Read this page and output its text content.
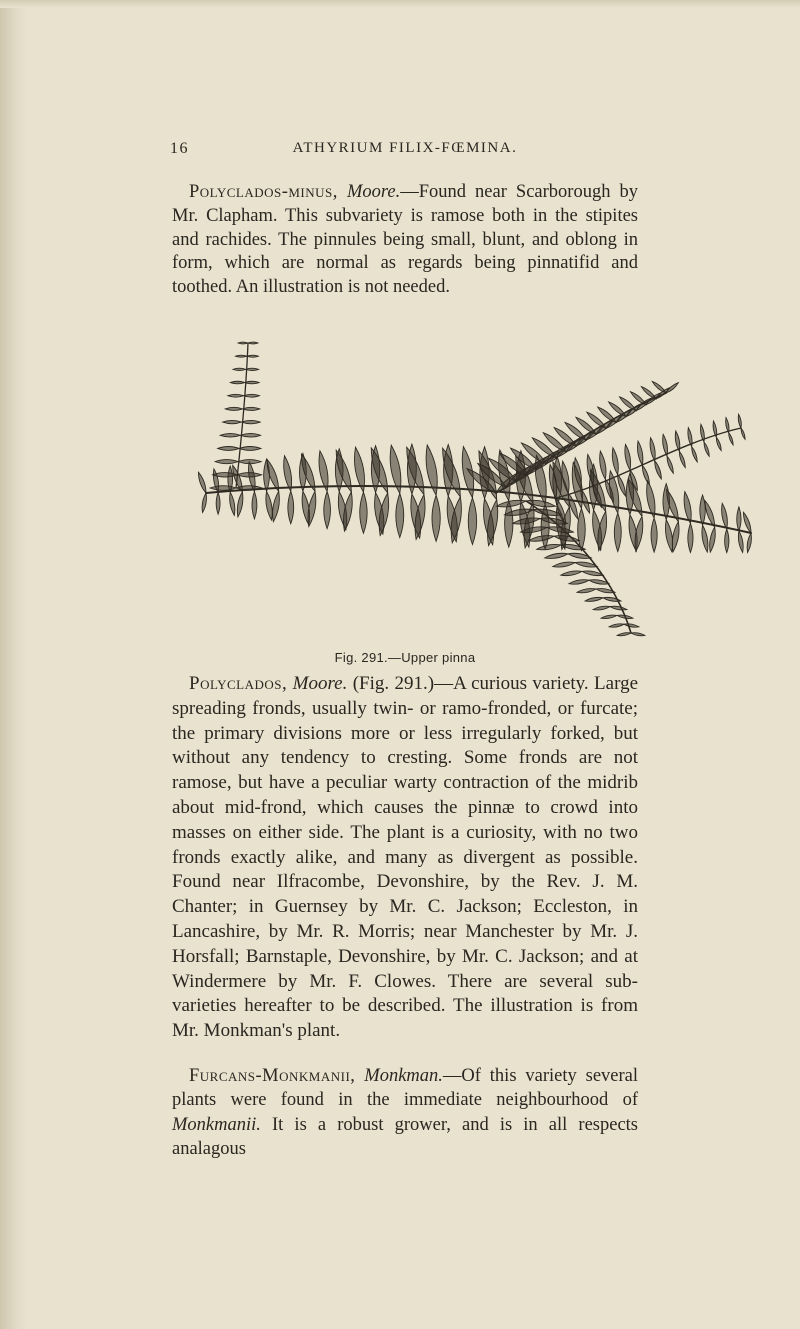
16	ATHYRIUM FILIX-FŒMINA.

Polyclados-minus, Moore.—Found near Scarborough by Mr. Clapham. This subvariety is ramose both in the stipites and rachides. The pinnules being small, blunt, and oblong in form, which are normal as regards being pinnatifid and toothed. An illustration is not needed.

Fig. 291.—Upper pinna

Polyclados, Moore. (Fig. 291.)—A curious variety. Large spreading fronds, usually twin- or ramo-fronded, or furcate; the primary divisions more or less irregularly forked, but without any tendency to cresting. Some fronds are not ramose, but have a peculiar warty contraction of the midrib about mid-frond, which causes the pinnæ to crowd into masses on either side. The plant is a curiosity, with no two fronds exactly alike, and many as divergent as possible. Found near Ilfracombe, Devonshire, by the Rev. J. M. Chanter; in Guernsey by Mr. C. Jackson; Eccleston, in Lancashire, by Mr. R. Morris; near Manchester by Mr. J. Horsfall; Barnstaple, Devonshire, by Mr. C. Jackson; and at Windermere by Mr. F. Clowes. There are several sub-varieties hereafter to be described. The illustration is from Mr. Monkman's plant.

Furcans-Monkmanii, Monkman.—Of this variety several plants were found in the immediate neighbourhood of Monkmanii. It is a robust grower, and is in all respects analagous
